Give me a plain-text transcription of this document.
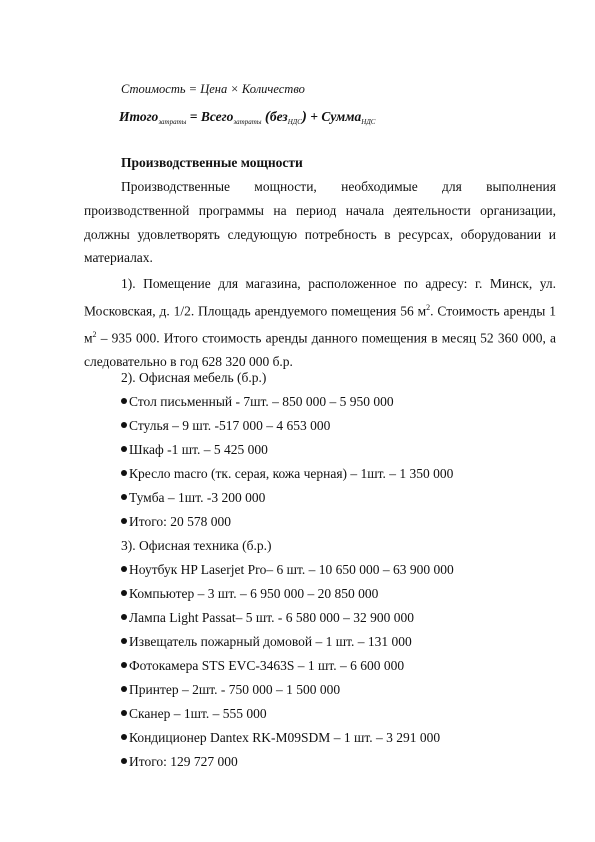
Стоимость = Цена × Количество
Итого$_{затраты}$ = Всего$_{затраты}$ (без$_{НДС}$) + Сумма$_{НДС}$
Производственные мощности
Производственные мощности, необходимые для выполнения производственной программы на период начала деятельности организации, должны удовлетворять следующую потребность в ресурсах, оборудовании и материалах.
1). Помещение для магазина, расположенное по адресу: г. Минск, ул. Московская, д. 1/2. Площадь арендуемого помещения 56 $м^2$. Стоимость аренды 1 $м^2 - 935$ 000. Итого стоимость аренды данного помещения в месяц 52 360 000, а следовательно в год 628 320 000 б.р.
2). Офисная мебель (б.р.)
Стол письменный - 7шт. – 850 000 – 5 950 000
Стулья – 9 шт. -517 000 – 4 653 000
Шкаф -1 шт. – 5 425 000
Кресло macro (тк. серая, кожа черная) – 1шт. – 1 350 000
Тумба – 1шт. -3 200 000
Итого: 20 578 000
3). Офисная техника (б.р.)
Ноутбук HP Laserjet Pro– 6 шт. – 10 650 000 – 63 900 000
Компьютер – 3 шт. – 6 950 000 – 20 850 000
Лампа Light Passat– 5 шт. - 6 580 000 – 32 900 000
Извещатель пожарный домовой – 1 шт. – 131 000
Фотокамера STS EVC-3463S – 1 шт. – 6 600 000
Принтер – 2шт. - 750 000 – 1 500 000
Сканер – 1шт. – 555 000
Кондиционер Dantex RK-M09SDM – 1 шт. – 3 291 000
Итого: 129 727 000
